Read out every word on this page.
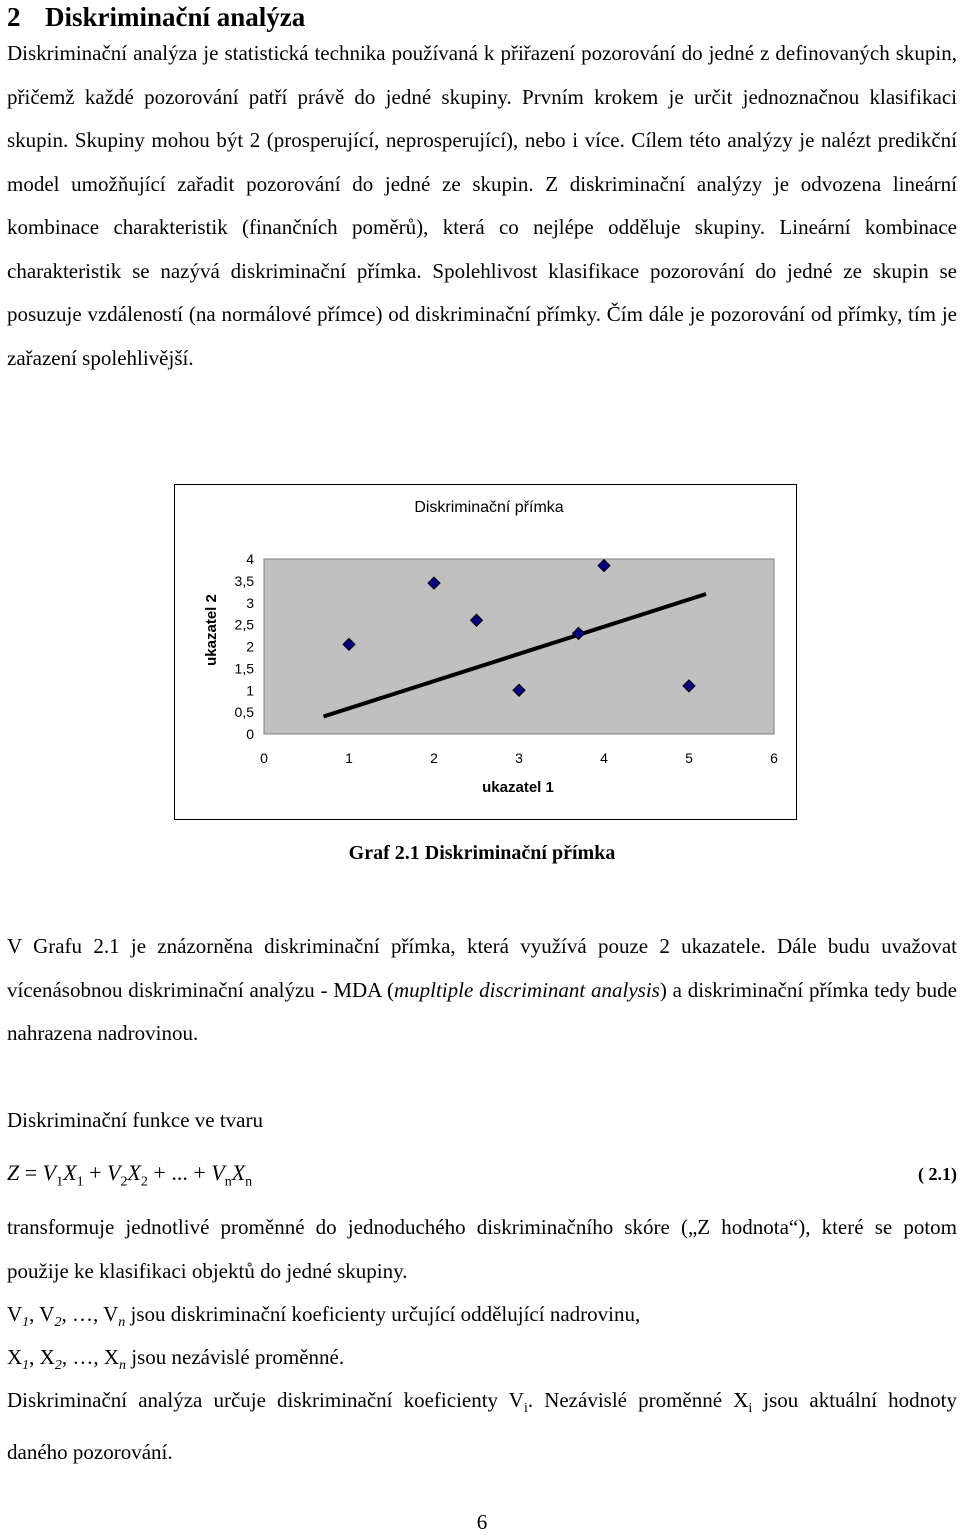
2 Diskriminační analýza

Diskriminační analýza je statistická technika používaná k přiřazení pozorování do jedné z definovaných skupin, přičemž každé pozorování patří právě do jedné skupiny. Prvním krokem je určit jednoznačnou klasifikaci skupin. Skupiny mohou být 2 (prosperující, neprosperující), nebo i více. Cílem této analýzy je nalézt predikční model umožňující zařadit pozorování do jedné ze skupin. Z diskriminační analýzy je odvozena lineární kombinace charakteristik (finančních poměrů), která co nejlépe odděluje skupiny. Lineární kombinace charakteristik se nazývá diskriminační přímka. Spolehlivost klasifikace pozorování do jedné ze skupin se posuzuje vzdáleností (na normálové přímce) od diskriminační přímky. Čím dále je pozorování od přímky, tím je zařazení spolehlivější.

Diskriminační přímka
ukazatel 2
ukazatel 1
4
3,5
3
2,5
2
1,5
1
0,5
0
0	1	2	3	4	5	6
Graf 2.1 Diskriminační přímka

V Grafu 2.1 je znázorněna diskriminační přímka, která využívá pouze 2 ukazatele. Dále budu uvažovat vícenásobnou diskriminační analýzu - MDA (mupltiple discriminant analysis) a diskriminační přímka tedy bude nahrazena nadrovinou.

Diskriminační funkce ve tvaru

$Z = V_1X_1 + V_2X_2$ + ... + $V_nX_n$	( 2.1)

transformuje jednotlivé proměnné do jednoduchého diskriminačního skóre („Z hodnota“), které se potom použije ke klasifikaci objektů do jedné skupiny.

$V_1$, $V_2$, …, $V_n$ jsou diskriminační koeficienty určující oddělující nadrovinu,

$X_1$, $X_2$, …, $X_n$ jsou nezávislé proměnné.

Diskriminační analýza určuje diskriminační koeficienty $V_i$. Nezávislé proměnné $X_i$ jsou aktuální hodnoty daného pozorování.

6
